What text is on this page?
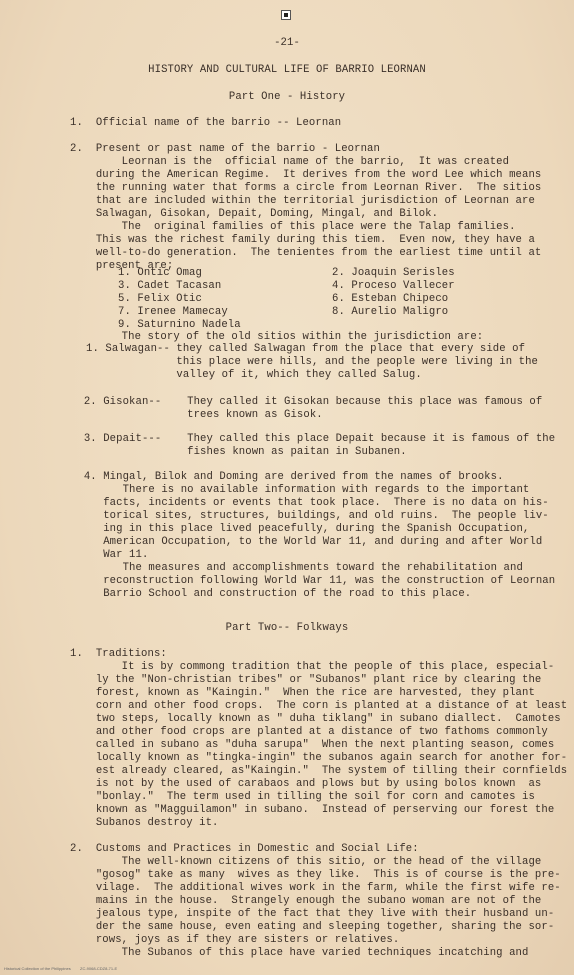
-21-
HISTORY AND CULTURAL LIFE OF BARRIO LEORNAN
Part One - History
1.  Official name of the barrio -- Leornan
2.  Present or past name of the barrio - Leornan
Leornan is the  official name of the barrio,  It was created
during the American Regime.  It derives from the word Lee which means
the running water that forms a circle from Leornan River.  The sitios
that are included within the territorial jurisdiction of Leornan are
Salwagan, Gisokan, Depait, Doming, Mingal, and Bilok.
The  original families of this place were the Talap families.
This was the richest family during this tiem.  Even now, they have a
well-to-do generation.  The tenientes from the earliest time until at
present are;
1. Ontic Omag
3. Cadet Tacasan
5. Felix Otic
7. Irenee Mamecay
9. Saturnino Nadela
2. Joaquin Serisles
4. Proceso Vallecer
6. Esteban Chipeco
8. Aurelio Maligro
The story of the old sitios within the jurisdiction are:
1. Salwagan-- they called Salwagan from the place that every side of
this place were hills, and the people were living in the
valley of it, which they called Salug.
2. Gisokan--    They called it Gisokan because this place was famous of
trees known as Gisok.
3. Depait---    They called this place Depait because it is famous of the
fishes known as paitan in Subanen.
4. Mingal, Bilok and Doming are derived from the names of brooks.
There is no available information with regards to the important
facts, incidents or events that took place.  There is no data on his-
torical sites, structures, buildings, and old ruins.  The people liv-
ing in this place lived peacefully, during the Spanish Occupation,
American Occupation, to the World War 11, and during and after World
War 11.
The measures and accomplishments toward the rehabilitation and
reconstruction following World War 11, was the construction of Leornan
Barrio School and construction of the road to this place.
Part Two-- Folkways
1.  Traditions:
It is by commong tradition that the people of this place, especial-
ly the "Non-christian tribes" or "Subanos" plant rice by clearing the
forest, known as "Kaingin."  When the rice are harvested, they plant
corn and other food crops.  The corn is planted at a distance of at least
two steps, locally known as " duha tiklang" in subano diallect.  Camotes
and other food crops are planted at a distance of two fathoms commonly
called in subano as "duha sarupa"  When the next planting season, comes
locally known as "tingka-ingin" the subanos again search for another for-
est already cleared, as"Kaingin."  The system of tilling their cornfields
is not by the used of carabaos and plows but by using bolos known  as
"bonlay."  The term used in tilling the soil for corn and camotes is
known as "Magguilamon" in subano.  Instead of perserving our forest the
Subanos destroy it.
2.  Customs and Practices in Domestic and Social Life:
The well-known citizens of this sitio, or the head of the village
"gosog" take as many  wives as they like.  This is of course is the pre-
vilage.  The additional wives work in the farm, while the first wife re-
mains in the house.  Strangely enough the subano woman are not of the
jealous type, inspite of the fact that they live with their husband un-
der the same house, even eating and sleeping together, sharing the sor-
rows, joys as if they are sisters or relatives.
The Subanos of this place have varied techniques incatching and
Historical Collection of the Philippines ZC-9068-CDZ8-71-E
